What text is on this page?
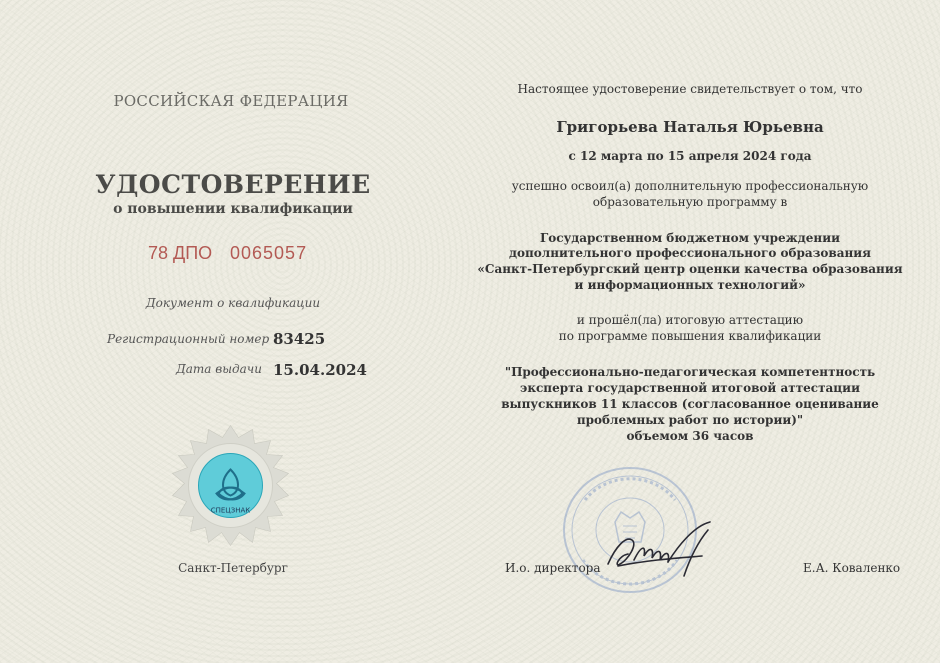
РОССИЙСКАЯ ФЕДЕРАЦИЯ
УДОСТОВЕРЕНИЕ
о повышении квалификации
78 ДПО 0065057
Документ о квалификации
Регистрационный номер 83425
Дата выдачи 15.04.2024
СПЕЦЗНАК
Санкт-Петербург
Настоящее удостоверение свидетельствует о том, что
Григорьева Наталья Юрьевна
с 12 марта по 15 апреля 2024 года
успешно освоил(а) дополнительную профессиональную
образовательную программу в
Государственном бюджетном учреждении
дополнительного профессионального образования
«Санкт-Петербургский центр оценки качества образования
и информационных технологий»
и прошёл(ла) итоговую аттестацию
по программе повышения квалификации
"Профессионально-педагогическая компетентность
эксперта государственной итоговой аттестации
выпускников 11 классов (согласованное оценивание
проблемных работ по истории)"
объемом 36 часов
И.о. директора	Е.А. Коваленко
